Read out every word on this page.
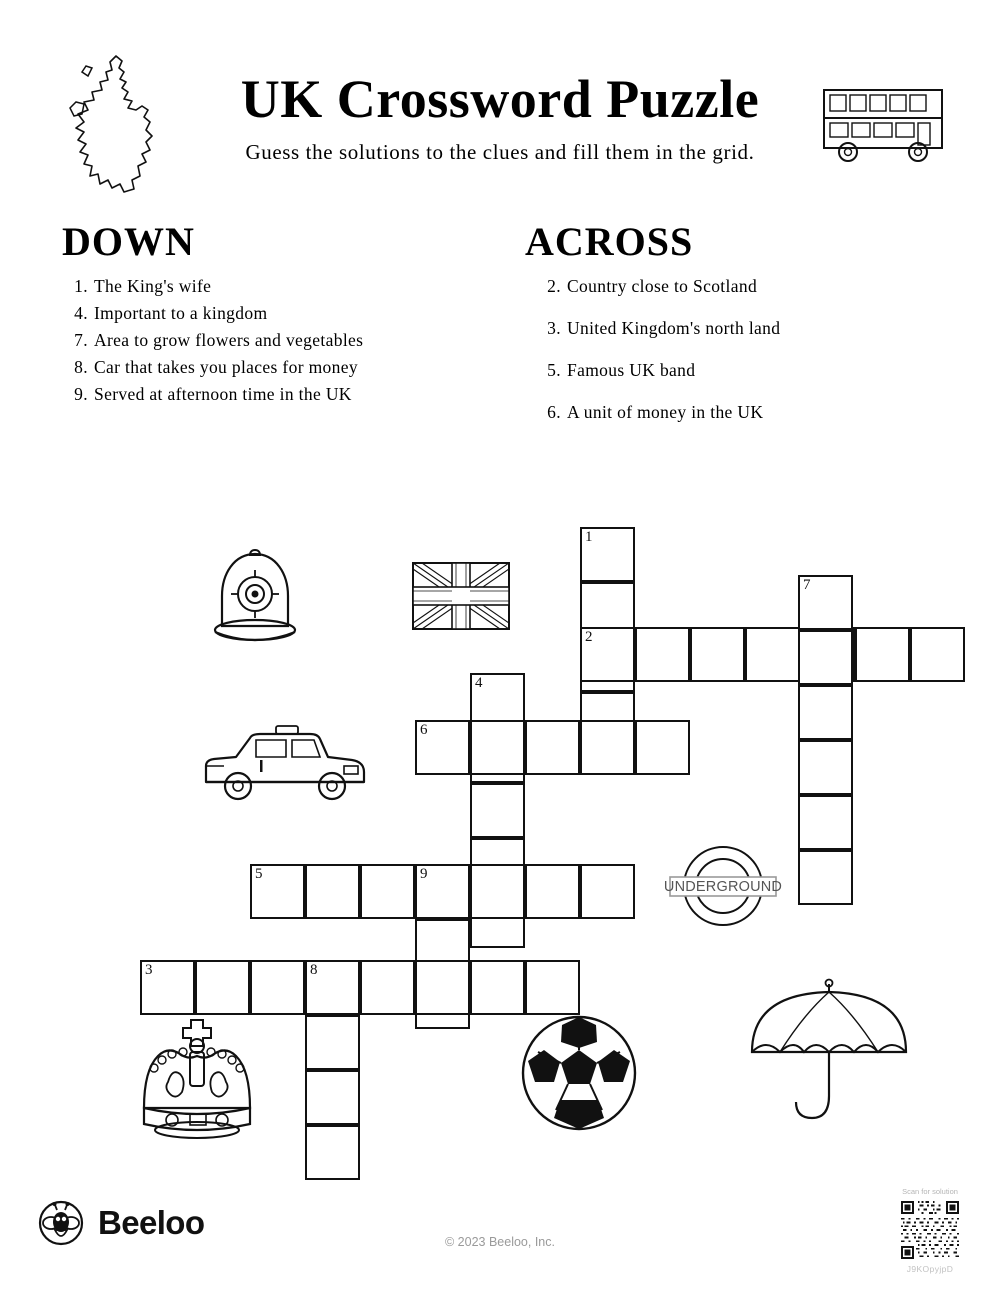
UK Crossword Puzzle
Guess the solutions to the clues and fill them in the grid.
DOWN
1. The King's wife
4. Important to a kingdom
7. Area to grow flowers and vegetables
8. Car that takes you places for money
9. Served at afternoon time in the UK
ACROSS
2. Country close to Scotland
3. United Kingdom's north land
5. Famous UK band
6. A unit of money in the UK
1
2
7
4
6
5	9
3	8
UNDERGROUND
Beeloo
© 2023 Beeloo, Inc.
Scan for solution
J9KOpyjpD
